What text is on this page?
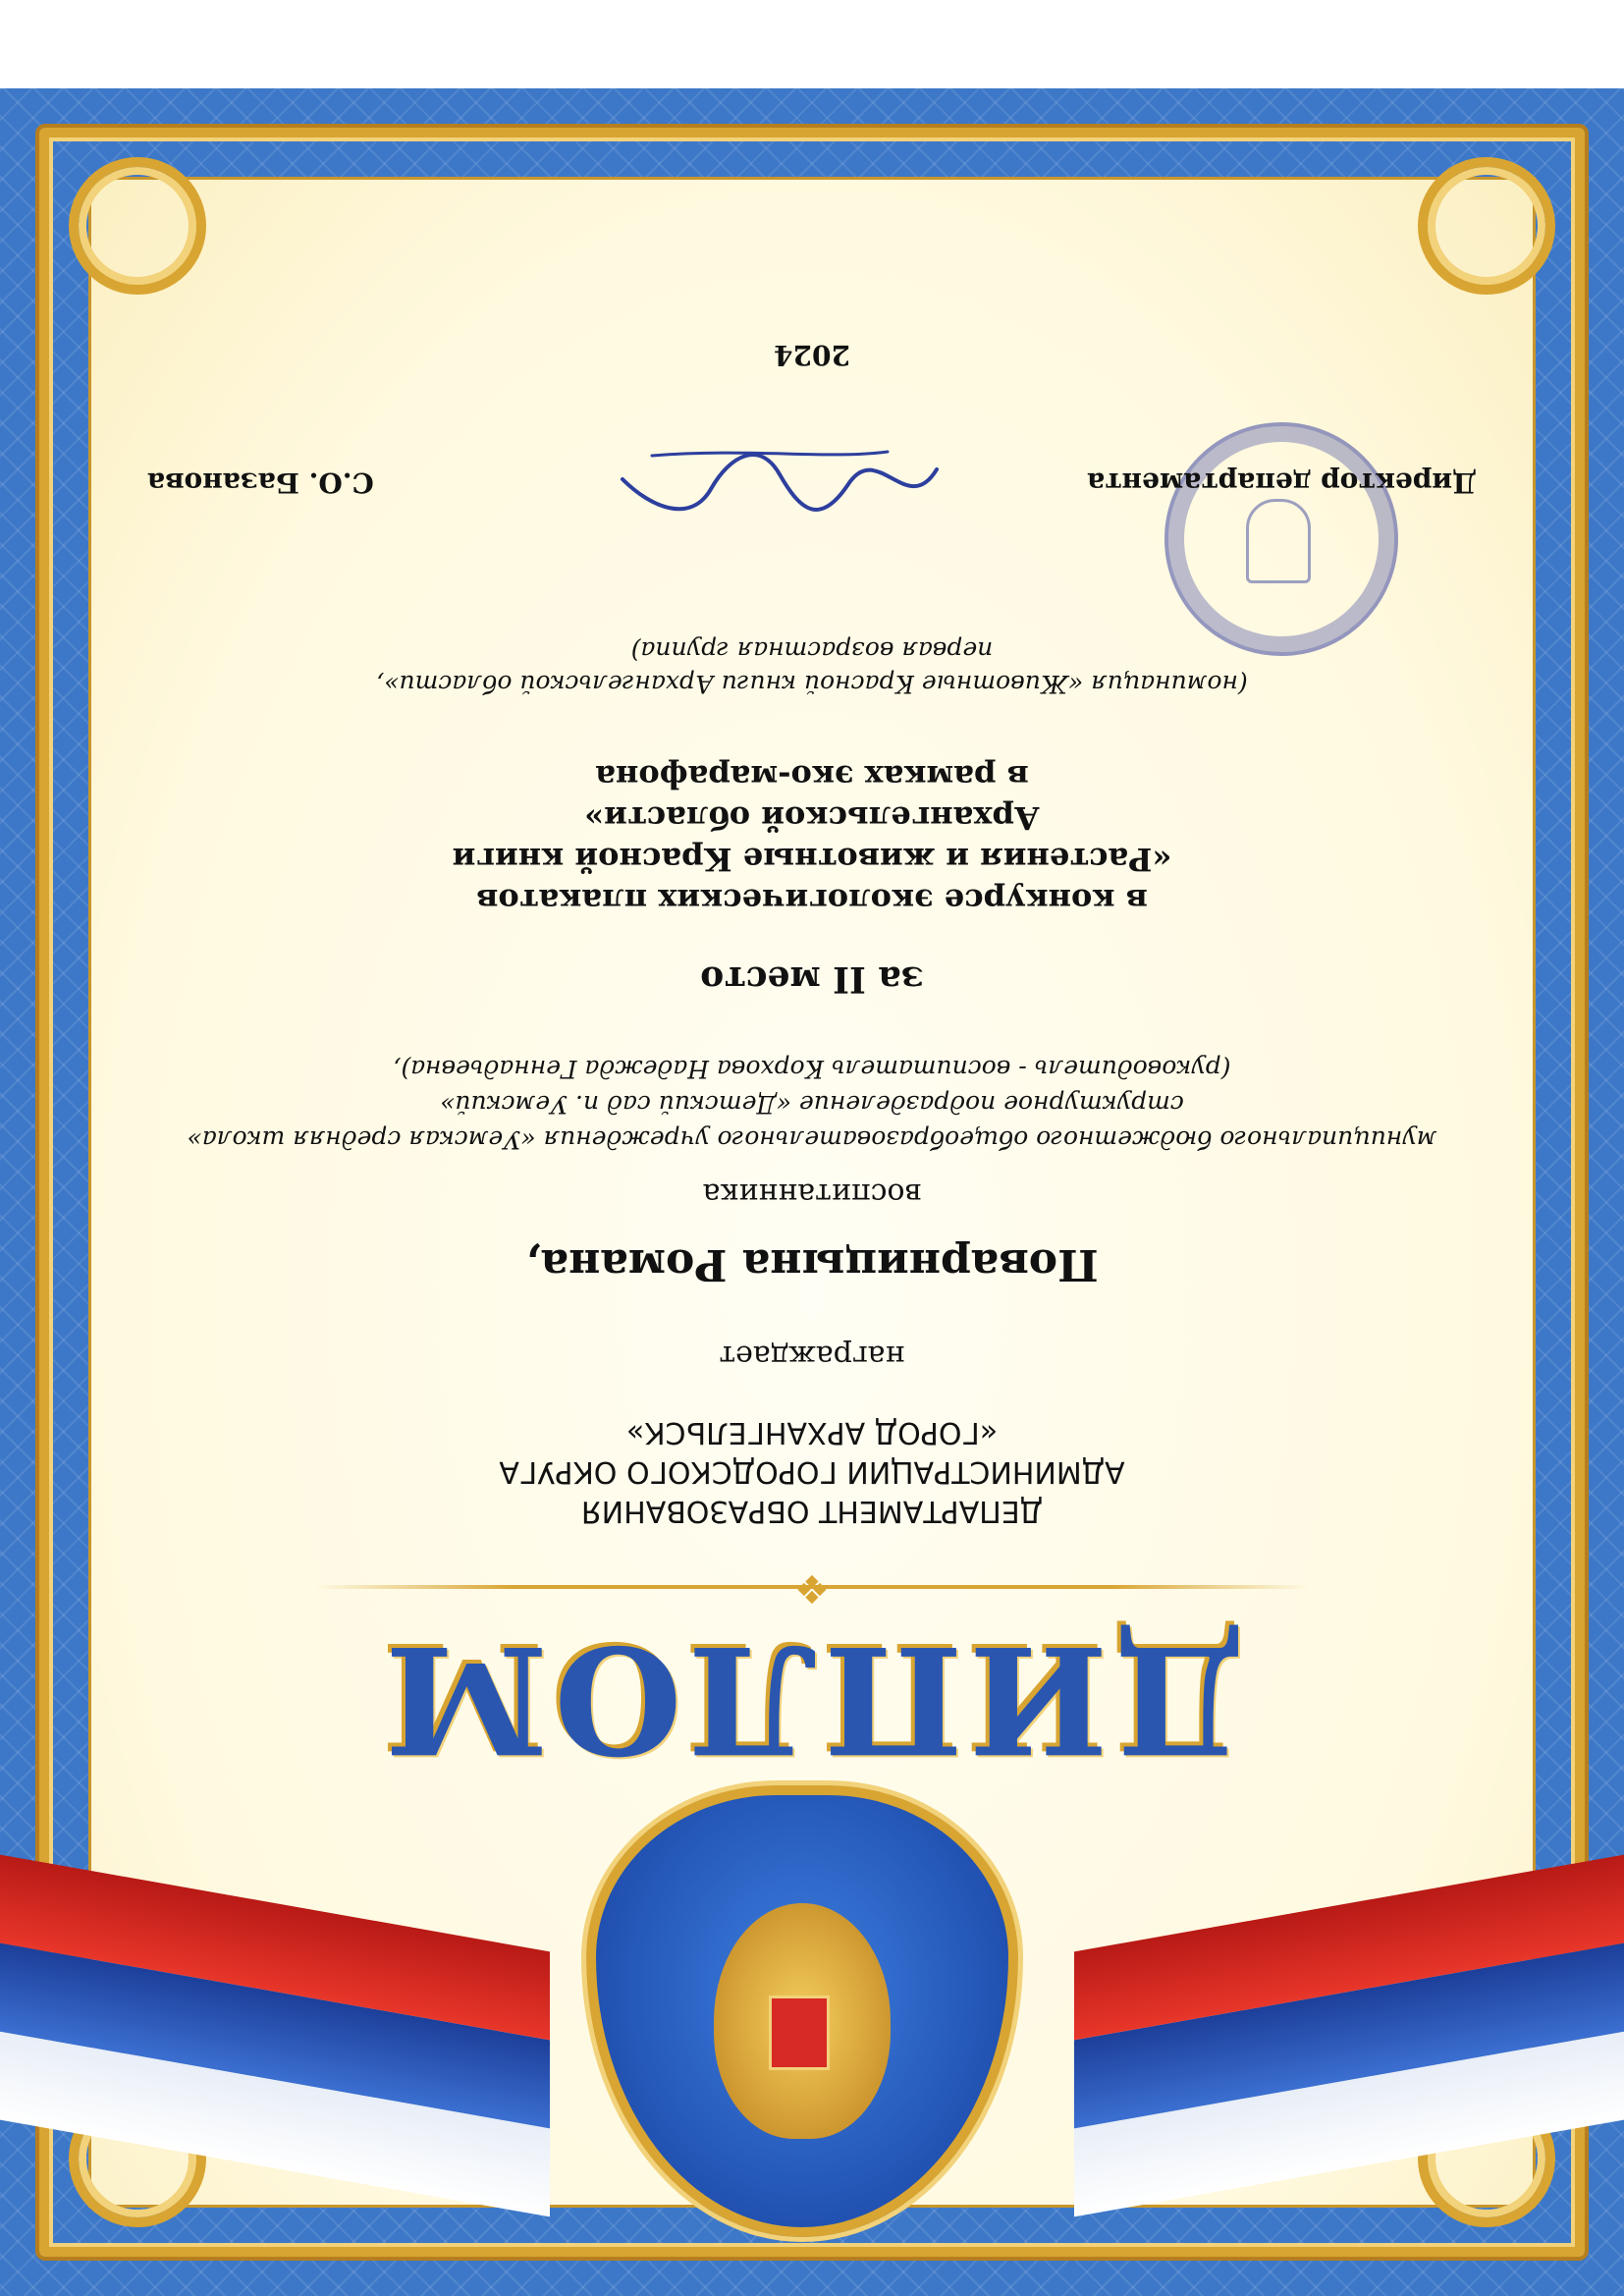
ДИПЛОМ
❖
ДЕПАРТАМЕНТ ОБРАЗОВАНИЯ
АДМИНИСТРАЦИИ ГОРОДСКОГО ОКРУГА
«ГОРОД АРХАНГЕЛЬСК»
награждает
Поварницына Романа,
воспитанника
муниципального бюджетного общеобразовательного учреждения «Уемская средняя школа»
структурное подразделение «Детский сад п. Уемский»
(руководитель - воспитатель Корхова Надежда Геннадьевна),
за II место
в конкурсе экологических плакатов
«Растения и животные Красной книги
Архангельской области»
в рамках эко-марафона
(номинация «Животные Красной книги Архангельской области»,
первая возрастная группа)
Директор департамента
С.О. Базанова
2024
